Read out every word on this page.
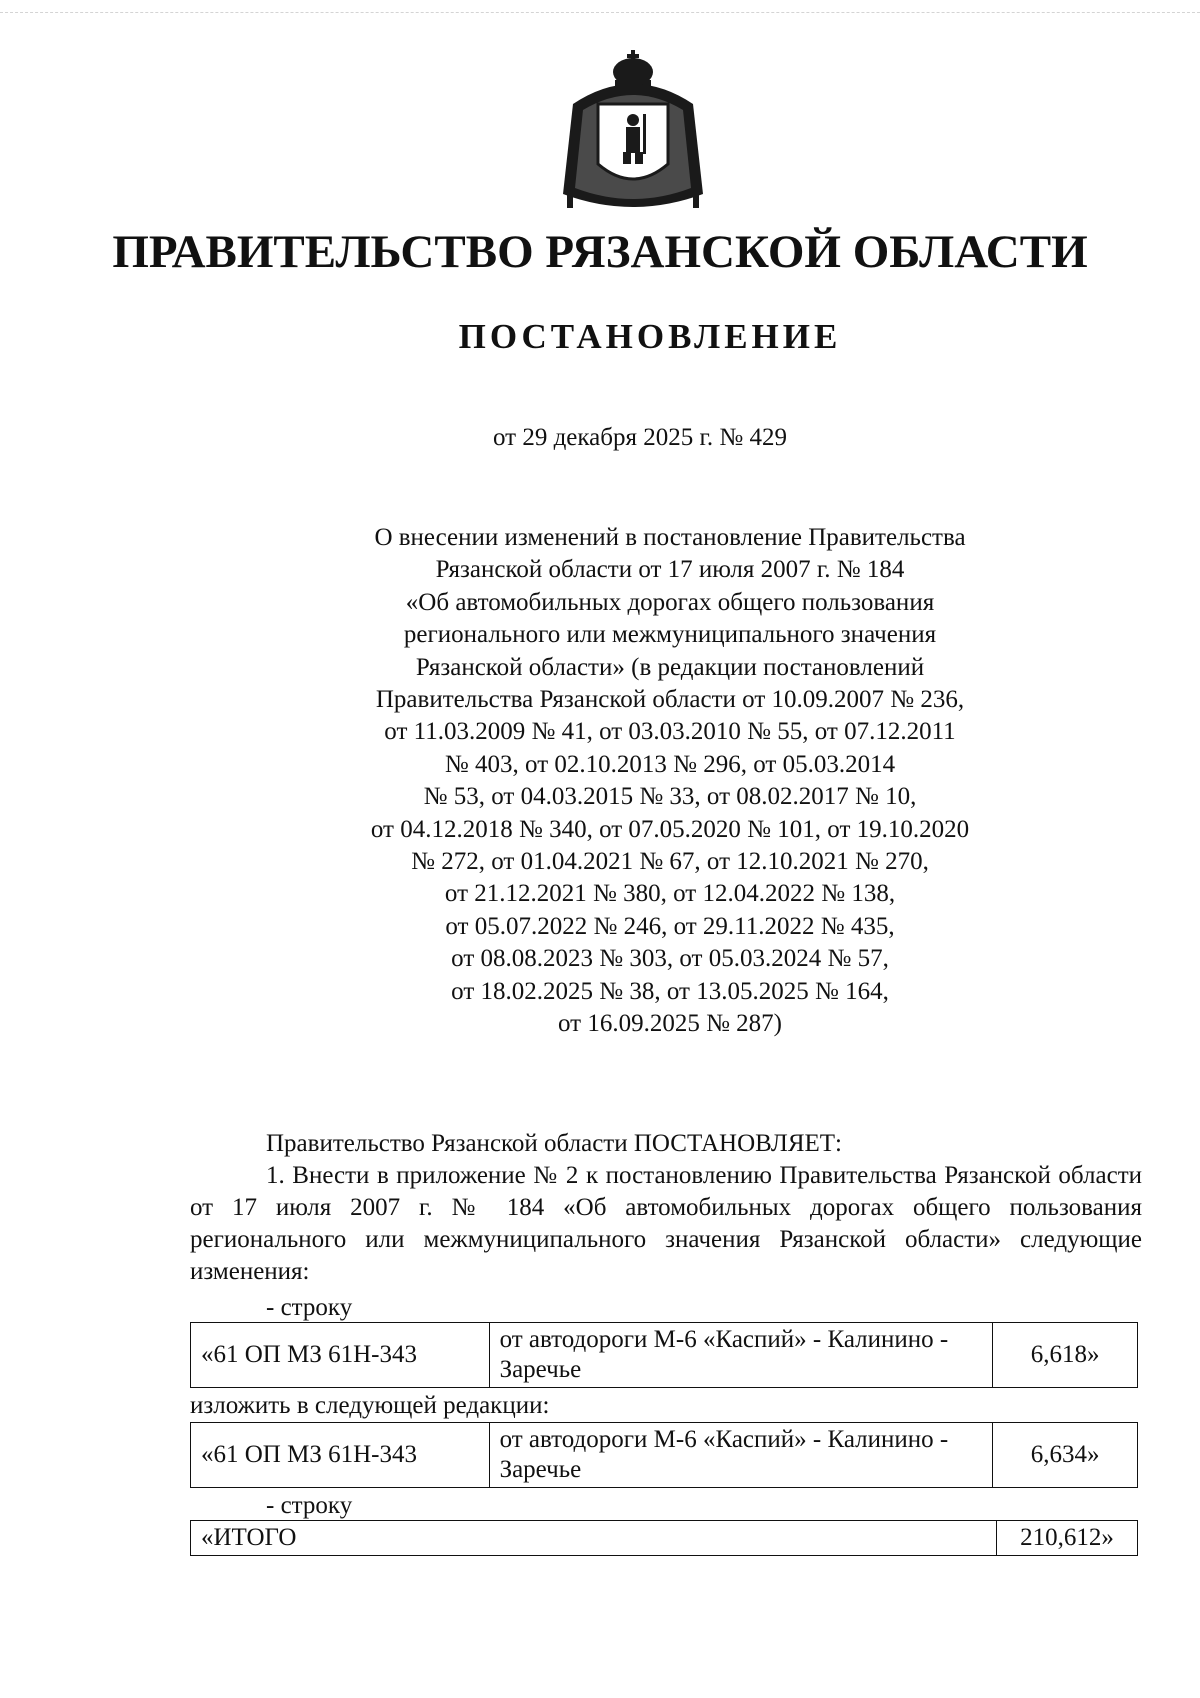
ПРАВИТЕЛЬСТВО РЯЗАНСКОЙ ОБЛАСТИ
ПОСТАНОВЛЕНИЕ
от 29 декабря 2025 г. № 429
О внесении изменений в постановление Правительства
Рязанской области от 17 июля 2007 г. № 184
«Об автомобильных дорогах общего пользования
регионального или межмуниципального значения
Рязанской области» (в редакции постановлений
Правительства Рязанской области от 10.09.2007 № 236,
от 11.03.2009 № 41, от 03.03.2010 № 55, от 07.12.2011
№ 403, от 02.10.2013 № 296, от 05.03.2014
№ 53, от 04.03.2015 № 33, от 08.02.2017 № 10,
от 04.12.2018 № 340, от 07.05.2020 № 101, от 19.10.2020
№ 272, от 01.04.2021 № 67, от 12.10.2021 № 270,
от 21.12.2021 № 380, от 12.04.2022 № 138,
от 05.07.2022 № 246, от 29.11.2022 № 435,
от 08.08.2023 № 303, от 05.03.2024 № 57,
от 18.02.2025 № 38, от 13.05.2025 № 164,
от 16.09.2025 № 287)
Правительство Рязанской области ПОСТАНОВЛЯЕТ:
1. Внести в приложение № 2 к постановлению Правительства Рязанской области от 17 июля 2007 г. № 184 «Об автомобильных дорогах общего пользования регионального или межмуниципального значения Рязанской области» следующие изменения:
- строку
«61 ОП МЗ 61Н-343	от автодороги М-6 «Каспий» - Калинино - Заречье	6,618»
изложить в следующей редакции:
«61 ОП МЗ 61Н-343	от автодороги М-6 «Каспий» - Калинино - Заречье	6,634»
- строку
«ИТОГО	210,612»
